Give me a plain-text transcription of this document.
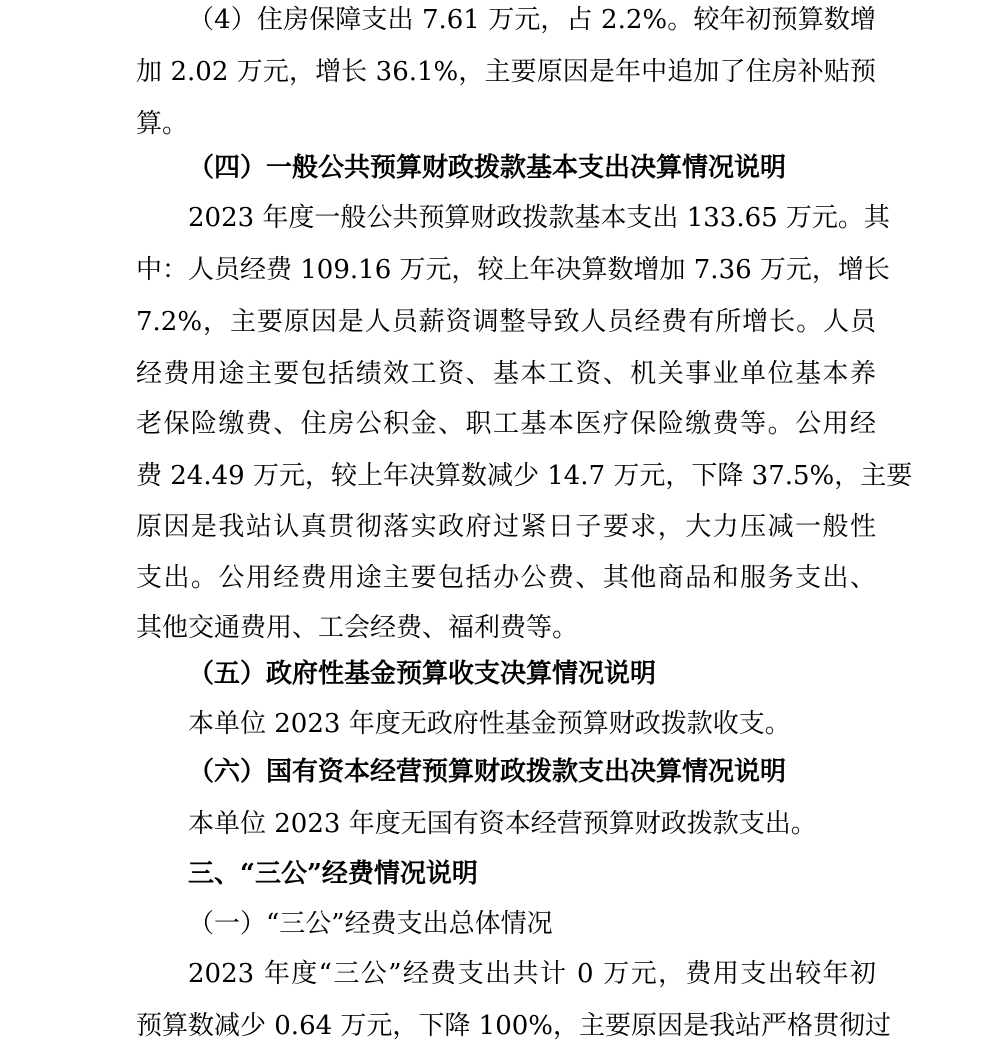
（4）住房保障支出 7.61 万元，占 2.2%。较年初预算数增
加 2.02 万元，增长 36.1%，主要原因是年中追加了住房补贴预
算。
（四）一般公共预算财政拨款基本支出决算情况说明
2023 年度一般公共预算财政拨款基本支出 133.65 万元。其
中：人员经费 109.16 万元，较上年决算数增加 7.36 万元，增长
7.2%，主要原因是人员薪资调整导致人员经费有所增长。人员
经费用途主要包括绩效工资、基本工资、机关事业单位基本养
老保险缴费、住房公积金、职工基本医疗保险缴费等。公用经
费 24.49 万元，较上年决算数减少 14.7 万元，下降 37.5%，主要
原因是我站认真贯彻落实政府过紧日子要求，大力压减一般性
支出。公用经费用途主要包括办公费、其他商品和服务支出、
其他交通费用、工会经费、福利费等。
（五）政府性基金预算收支决算情况说明
本单位 2023 年度无政府性基金预算财政拨款收支。
（六）国有资本经营预算财政拨款支出决算情况说明
本单位 2023 年度无国有资本经营预算财政拨款支出。
三、“三公”经费情况说明
（一）“三公”经费支出总体情况
2023 年度“三公”经费支出共计 0 万元，费用支出较年初
预算数减少 0.64 万元，下降 100%，主要原因是我站严格贯彻过
